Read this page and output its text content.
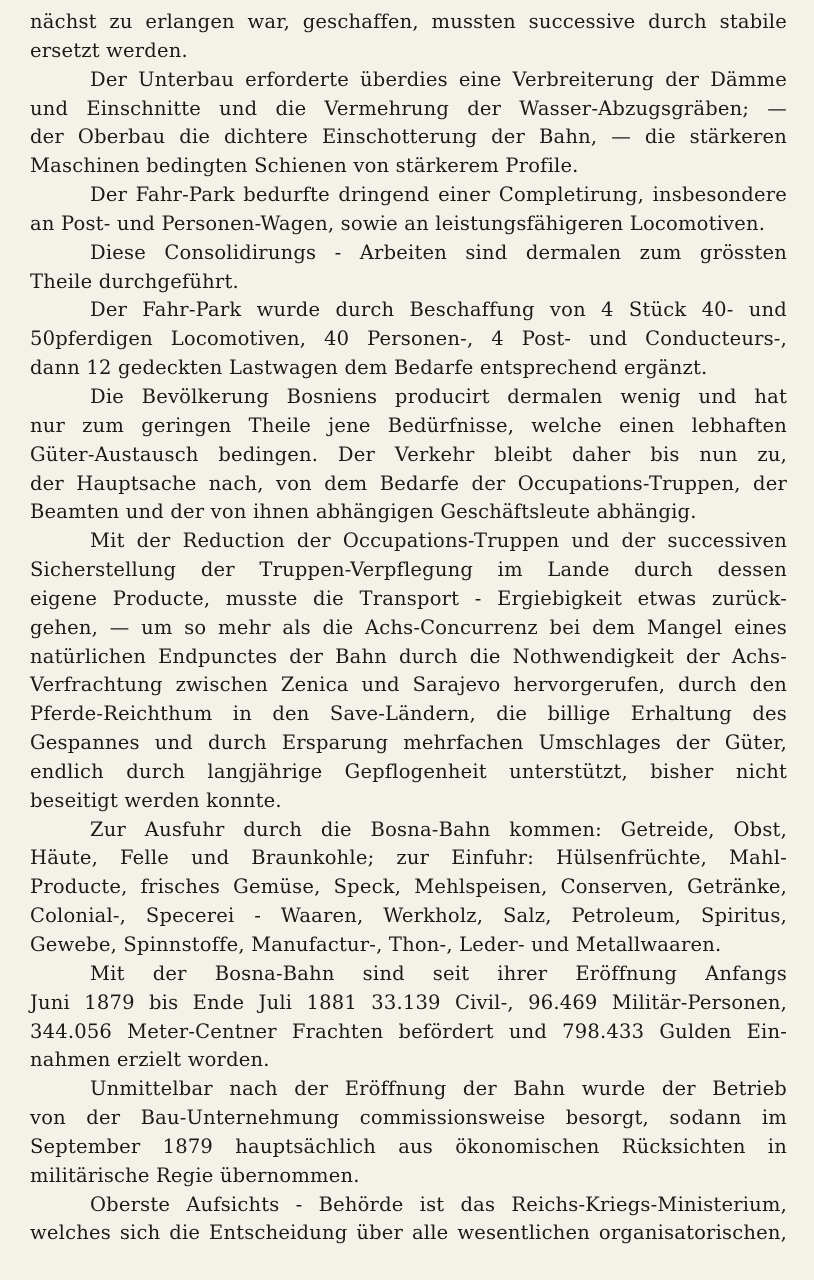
nächst zu erlangen war, geschaffen, mussten successive durch stabile
ersetzt werden.
Der Unterbau erforderte überdies eine Verbreiterung der Dämme
und Einschnitte und die Vermehrung der Wasser-Abzugsgräben; —
der Oberbau die dichtere Einschotterung der Bahn, — die stärkeren
Maschinen bedingten Schienen von stärkerem Profile.
Der Fahr-Park bedurfte dringend einer Completirung, insbesondere
an Post- und Personen-Wagen, sowie an leistungsfähigeren Locomotiven.
Diese Consolidirungs - Arbeiten sind dermalen zum grössten
Theile durchgeführt.
Der Fahr-Park wurde durch Beschaffung von 4 Stück 40- und
50pferdigen Locomotiven, 40 Personen-, 4 Post- und Conducteurs-,
dann 12 gedeckten Lastwagen dem Bedarfe entsprechend ergänzt.
Die Bevölkerung Bosniens producirt dermalen wenig und hat
nur zum geringen Theile jene Bedürfnisse, welche einen lebhaften
Güter-Austausch bedingen. Der Verkehr bleibt daher bis nun zu,
der Hauptsache nach, von dem Bedarfe der Occupations-Truppen, der
Beamten und der von ihnen abhängigen Geschäftsleute abhängig.
Mit der Reduction der Occupations-Truppen und der successiven
Sicherstellung der Truppen-Verpflegung im Lande durch dessen
eigene Producte, musste die Transport - Ergiebigkeit etwas zurück-
gehen, — um so mehr als die Achs-Concurrenz bei dem Mangel eines
natürlichen Endpunctes der Bahn durch die Nothwendigkeit der Achs-
Verfrachtung zwischen Zenica und Sarajevo hervorgerufen, durch den
Pferde-Reichthum in den Save-Ländern, die billige Erhaltung des
Gespannes und durch Ersparung mehrfachen Umschlages der Güter,
endlich durch langjährige Gepflogenheit unterstützt, bisher nicht
beseitigt werden konnte.
Zur Ausfuhr durch die Bosna-Bahn kommen: Getreide, Obst,
Häute, Felle und Braunkohle; zur Einfuhr: Hülsenfrüchte, Mahl-
Producte, frisches Gemüse, Speck, Mehlspeisen, Conserven, Getränke,
Colonial-, Specerei - Waaren, Werkholz, Salz, Petroleum, Spiritus,
Gewebe, Spinnstoffe, Manufactur-, Thon-, Leder- und Metallwaaren.
Mit der Bosna-Bahn sind seit ihrer Eröffnung Anfangs
Juni 1879 bis Ende Juli 1881 33.139 Civil-, 96.469 Militär-Personen,
344.056 Meter-Centner Frachten befördert und 798.433 Gulden Ein-
nahmen erzielt worden.
Unmittelbar nach der Eröffnung der Bahn wurde der Betrieb
von der Bau-Unternehmung commissionsweise besorgt, sodann im
September 1879 hauptsächlich aus ökonomischen Rücksichten in
militärische Regie übernommen.
Oberste Aufsichts - Behörde ist das Reichs-Kriegs-Ministerium,
welches sich die Entscheidung über alle wesentlichen organisatorischen,
